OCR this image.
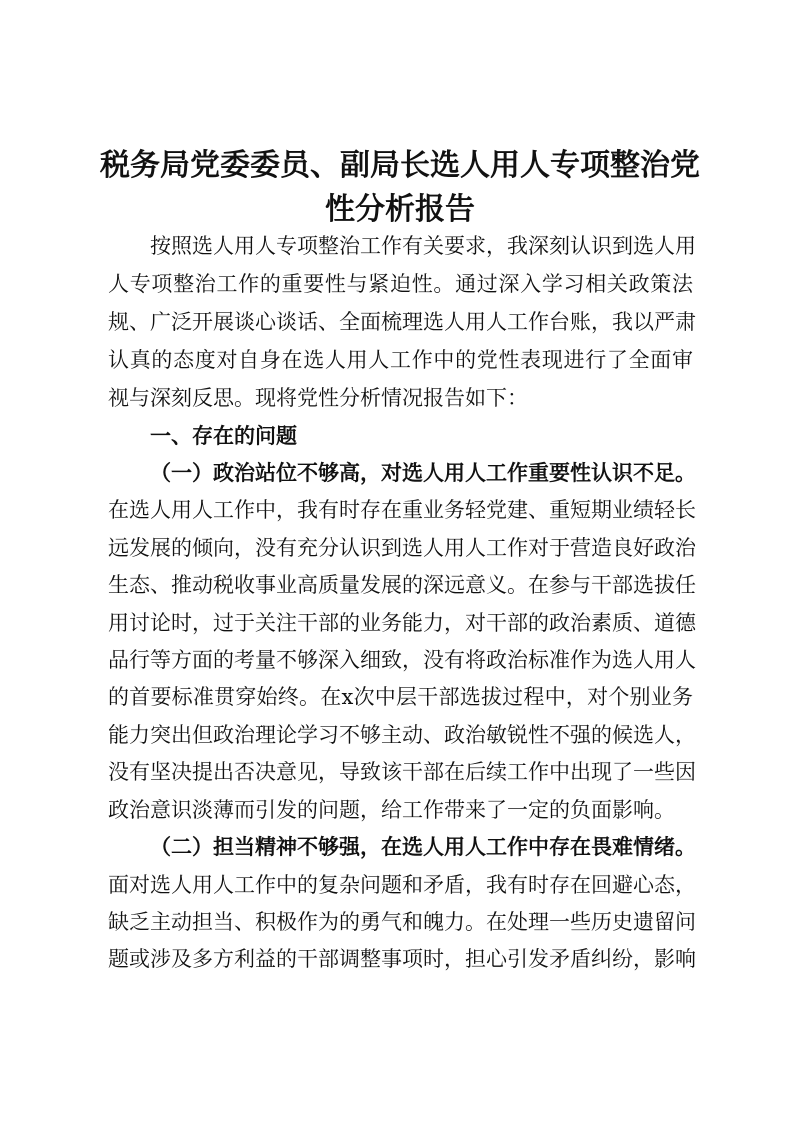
税务局党委委员、副局长选人用人专项整治党
性分析报告

按照选人用人专项整治工作有关要求，我深刻认识到选人用

人专项整治工作的重要性与紧迫性。通过深入学习相关政策法

规、广泛开展谈心谈话、全面梳理选人用人工作台账，我以严肃

认真的态度对自身在选人用人工作中的党性表现进行了全面审

视与深刻反思。现将党性分析情况报告如下：

一、存在的问题

（一）政治站位不够高，对选人用人工作重要性认识不足。

在选人用人工作中，我有时存在重业务轻党建、重短期业绩轻长

远发展的倾向，没有充分认识到选人用人工作对于营造良好政治

生态、推动税收事业高质量发展的深远意义。在参与干部选拔任

用讨论时，过于关注干部的业务能力，对干部的政治素质、道德

品行等方面的考量不够深入细致，没有将政治标准作为选人用人

的首要标准贯穿始终。在x次中层干部选拔过程中，对个别业务

能力突出但政治理论学习不够主动、政治敏锐性不强的候选人，

没有坚决提出否决意见，导致该干部在后续工作中出现了一些因

政治意识淡薄而引发的问题，给工作带来了一定的负面影响。

（二）担当精神不够强，在选人用人工作中存在畏难情绪。

面对选人用人工作中的复杂问题和矛盾，我有时存在回避心态，

缺乏主动担当、积极作为的勇气和魄力。在处理一些历史遗留问

题或涉及多方利益的干部调整事项时，担心引发矛盾纠纷，影响
